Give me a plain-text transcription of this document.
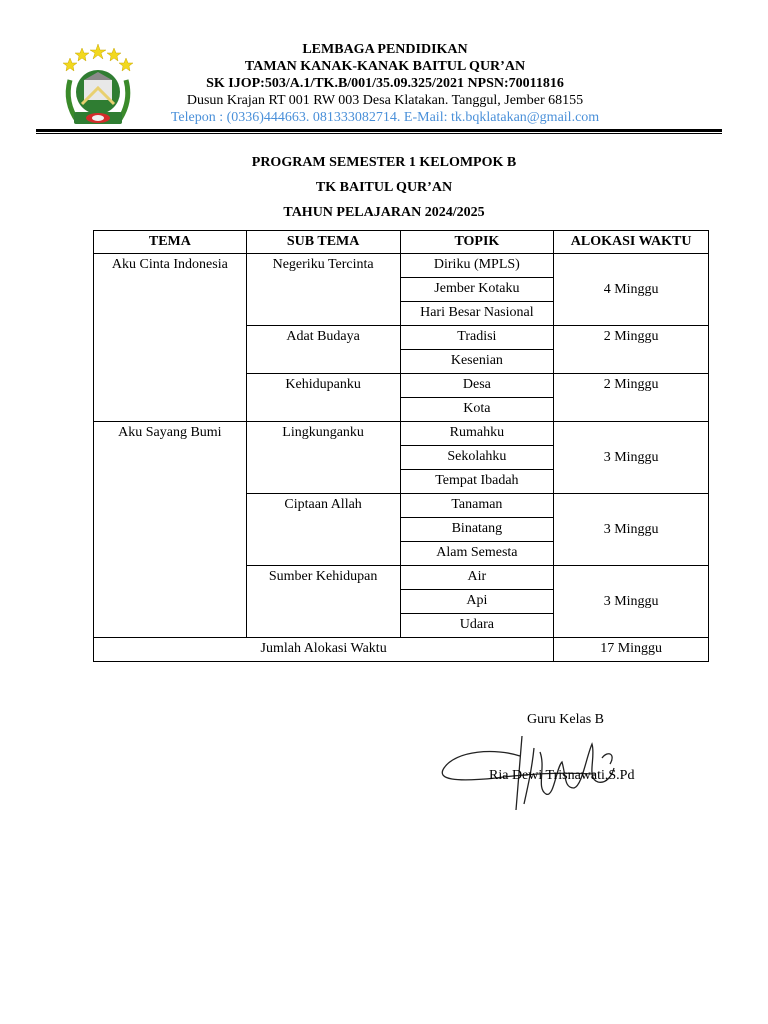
LEMBAGA PENDIDIKAN
TAMAN KANAK-KANAK BAITUL QUR’AN
SK IJOP:503/A.1/TK.B/001/35.09.325/2021 NPSN:70011816
Dusun Krajan RT 001 RW 003 Desa Klatakan. Tanggul, Jember 68155
Telepon : (0336)444663. 081333082714. E-Mail: tk.bqklatakan@gmail.com
PROGRAM SEMESTER 1 KELOMPOK B
TK BAITUL QUR’AN
TAHUN PELAJARAN 2024/2025
TEMA	SUB TEMA	TOPIK	ALOKASI WAKTU
Aku Cinta Indonesia	Negeriku Tercinta	Diriku (MPLS)	4 Minggu
		Jember Kotaku	
		Hari Besar Nasional	
	Adat Budaya	Tradisi	2 Minggu
		Kesenian	
	Kehidupanku	Desa	2 Minggu
		Kota	
Aku Sayang Bumi	Lingkunganku	Rumahku	3 Minggu
		Sekolahku	
		Tempat Ibadah	
	Ciptaan Allah	Tanaman	3 Minggu
		Binatang	
		Alam Semesta	
	Sumber Kehidupan	Air	3 Minggu
		Api	
		Udara	
Jumlah Alokasi Waktu			17 Minggu
Guru Kelas B
Ria Dewi Trisnawati,S.Pd
